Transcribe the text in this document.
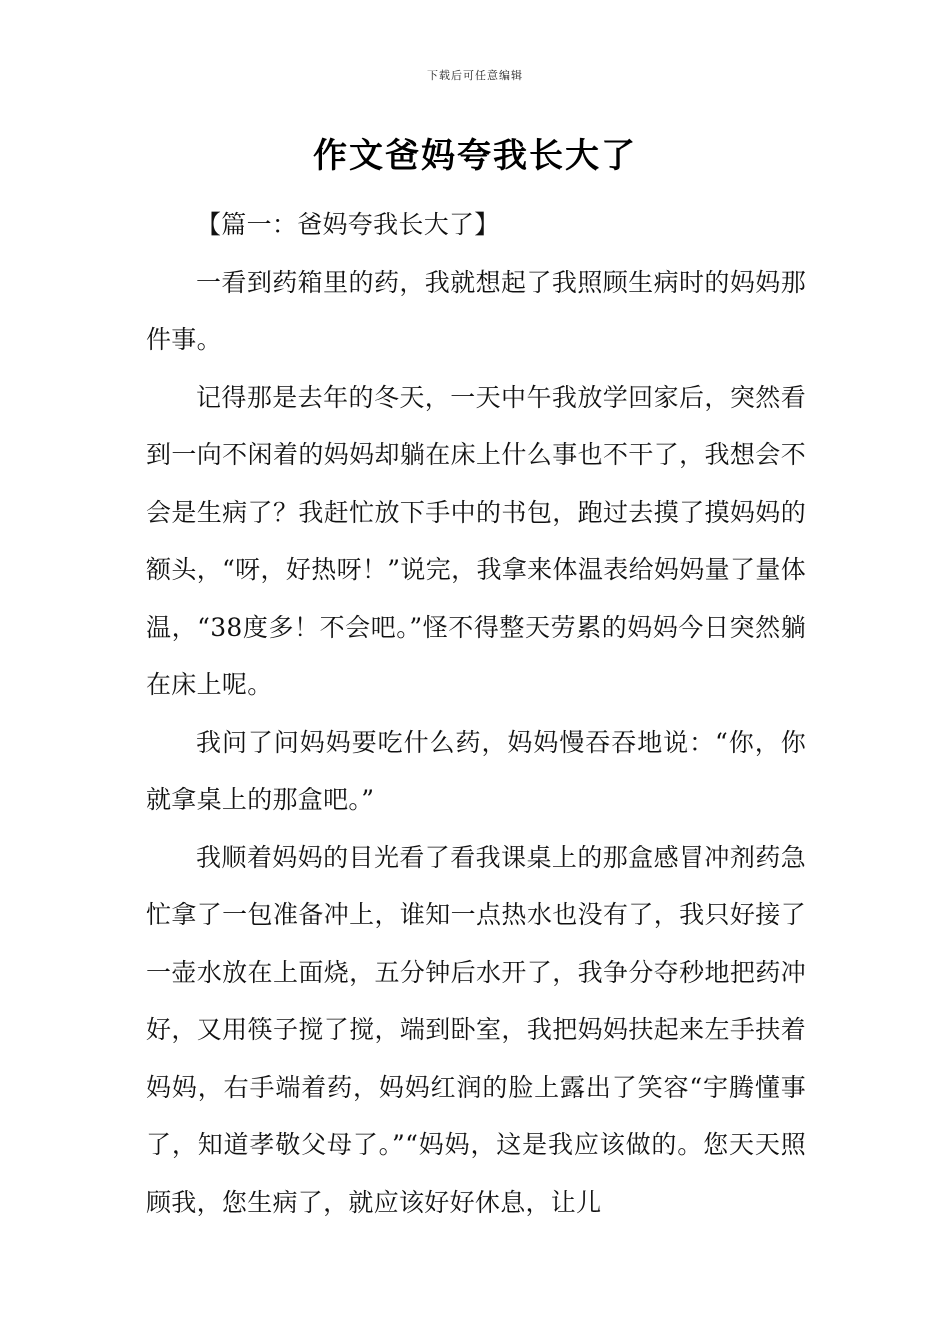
下载后可任意编辑
作文爸妈夸我长大了

【篇一：爸妈夸我长大了】

一看到药箱里的药，我就想起了我照顾生病时的妈妈那件事。

记得那是去年的冬天，一天中午我放学回家后，突然看到一向不闲着的妈妈却躺在床上什么事也不干了，我想会不会是生病了？我赶忙放下手中的书包，跑过去摸了摸妈妈的额头，“呀，好热呀！”说完，我拿来体温表给妈妈量了量体温，“38度多！不会吧。”怪不得整天劳累的妈妈今日突然躺在床上呢。

我问了问妈妈要吃什么药，妈妈慢吞吞地说：“你，你就拿桌上的那盒吧。”

我顺着妈妈的目光看了看我课桌上的那盒感冒冲剂药急忙拿了一包准备冲上，谁知一点热水也没有了，我只好接了一壶水放在上面烧，五分钟后水开了，我争分夺秒地把药冲好，又用筷子搅了搅，端到卧室，我把妈妈扶起来左手扶着妈妈，右手端着药，妈妈红润的脸上露出了笑容“宇腾懂事了，知道孝敬父母了。”“妈妈，这是我应该做的。您天天照顾我，您生病了，就应该好好休息，让儿
